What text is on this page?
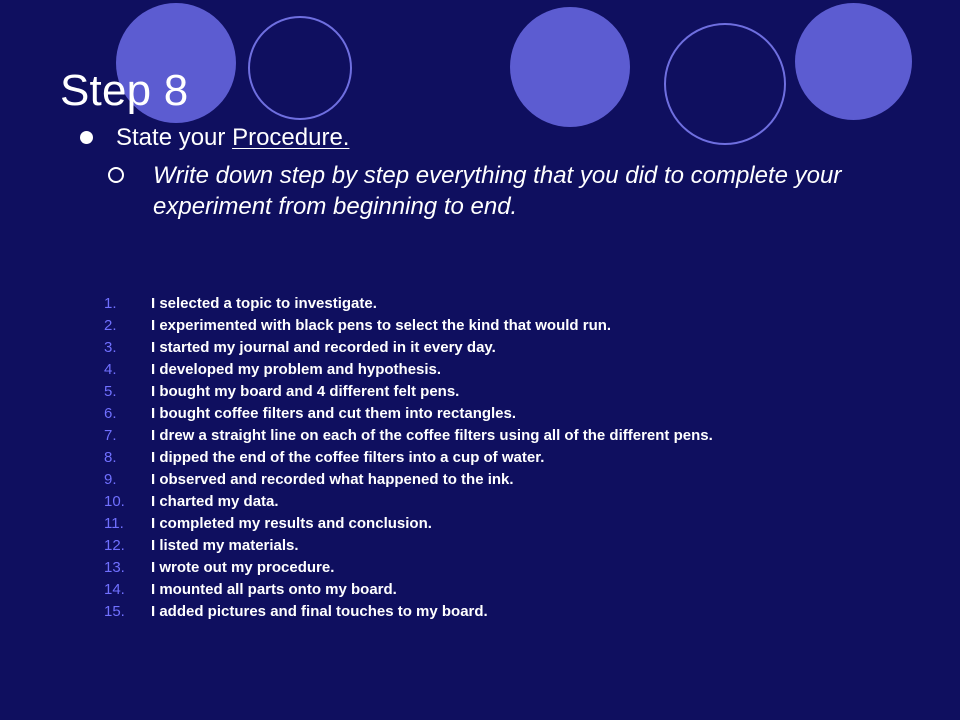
Step 8
State your Procedure.
Write down step by step everything that you did to complete your experiment from beginning to end.
1.	I selected a topic to investigate.
2.	I experimented with black pens to select the kind that would run.
3.	I started my journal and recorded in it every day.
4.	I developed my problem and hypothesis.
5.	I bought my board and 4 different felt pens.
6.	I bought coffee filters and cut them into rectangles.
7.	I drew a straight line on each of the coffee filters using all of the different pens.
8.	I dipped the end of the coffee filters into a cup of water.
9.	I observed and recorded what happened to the ink.
10.	I charted my data.
11.	I completed my results and conclusion.
12.	I listed my materials.
13.	I wrote out my procedure.
14.	I mounted all parts onto my board.
15.	I added pictures and final touches to my board.
